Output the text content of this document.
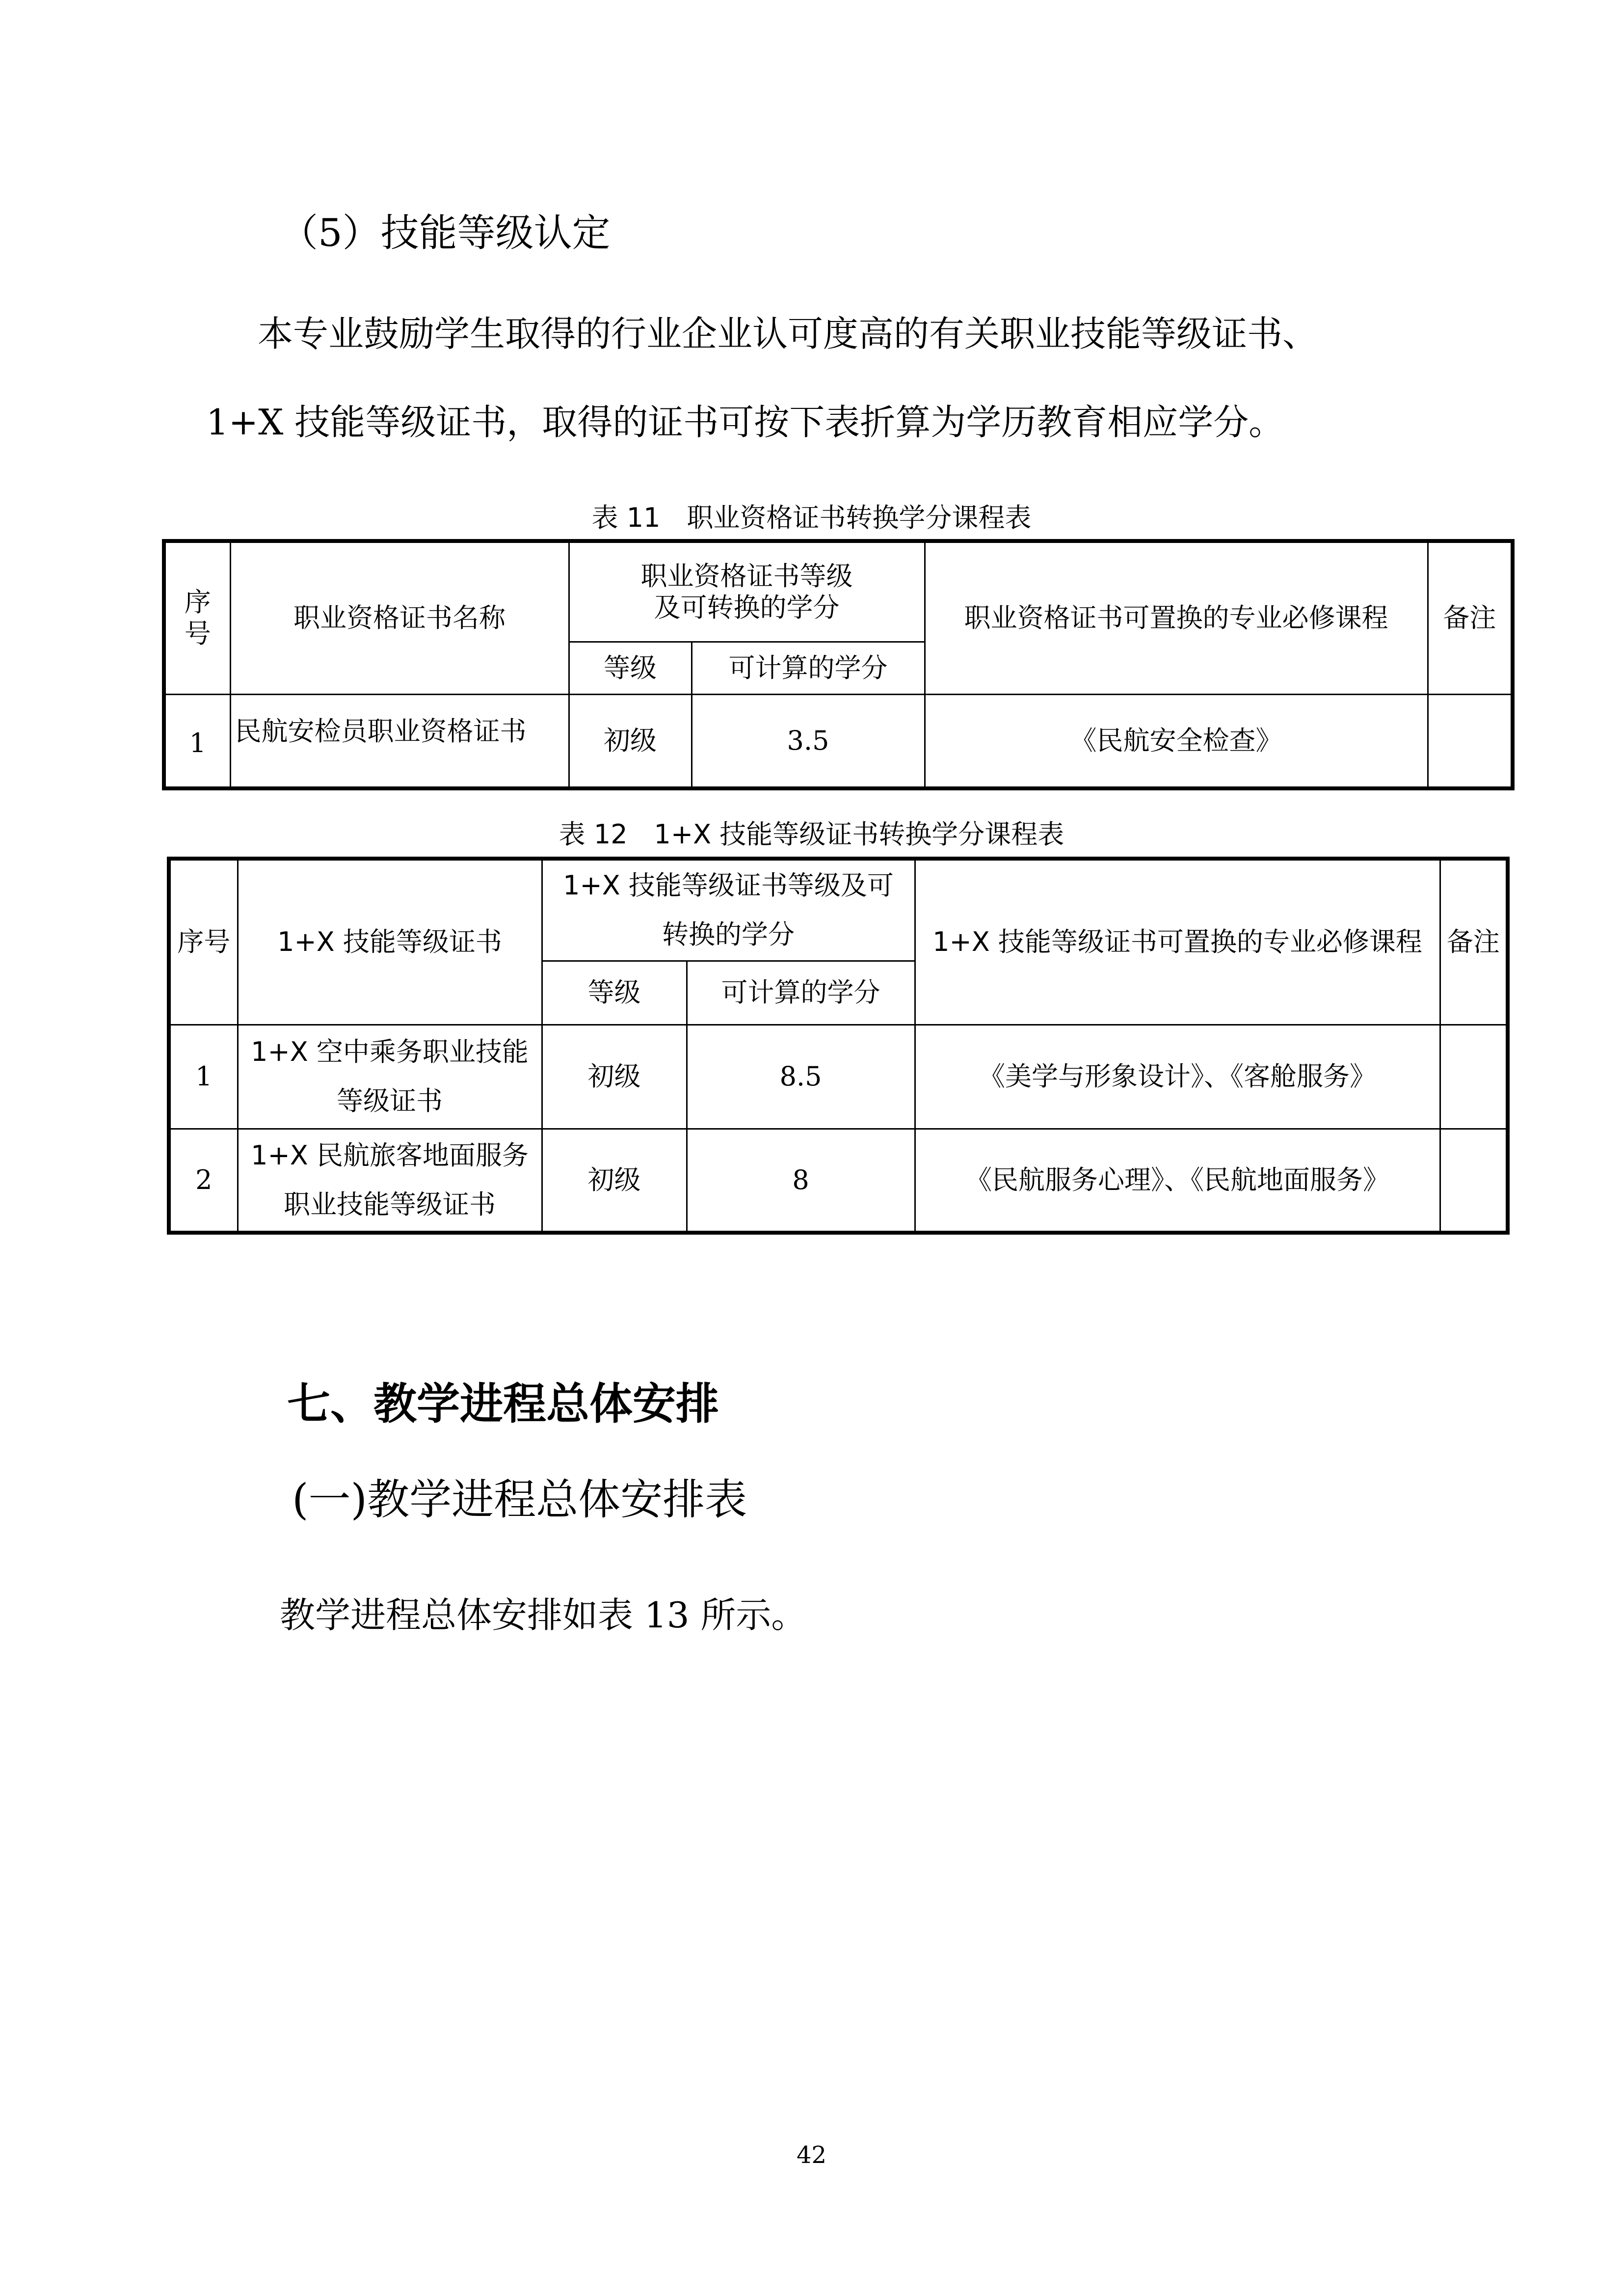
（5）技能等级认定
本专业鼓励学生取得的行业企业认可度高的有关职业技能等级证书、
1+X 技能等级证书，取得的证书可按下表折算为学历教育相应学分。
表 11　职业资格证书转换学分课程表
序
号	职业资格证书名称	职业资格证书等级
及可转换的学分		职业资格证书可置换的专业必修课程	备注
		等级	可计算的学分		
1	民航安检员职业资格证书	初级	3.5	《民航安全检查》	
表 12　1+X 技能等级证书转换学分课程表
序号	1+X 技能等级证书	1+X 技能等级证书等级及可
转换的学分		1+X 技能等级证书可置换的专业必修课程	备注
		等级	可计算的学分		
1	1+X 空中乘务职业技能
等级证书	初级	8.5	《美学与形象设计》、《客舱服务》	
2	1+X 民航旅客地面服务
职业技能等级证书	初级	8	《民航服务心理》、《民航地面服务》	
七、教学进程总体安排
(一)教学进程总体安排表
教学进程总体安排如表 13 所示。
42
